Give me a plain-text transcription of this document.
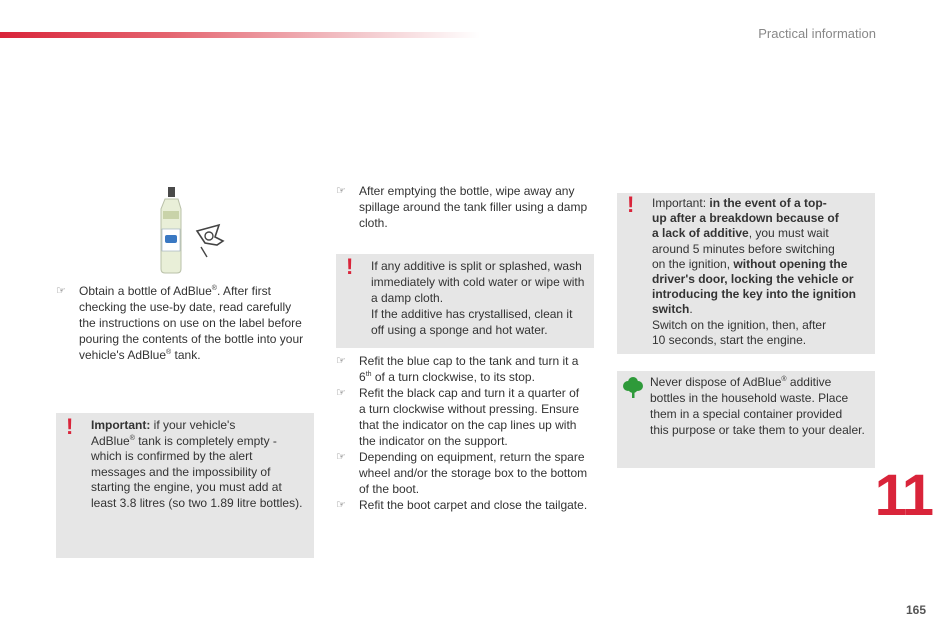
Practical information
☞ Obtain a bottle of AdBlue®. After first
checking the use-by date, read carefully
the instructions on use on the label before
pouring the contents of the bottle into your
vehicle's AdBlue® tank.
! Important: if your vehicle's
AdBlue® tank is completely empty -
which is confirmed by the alert
messages and the impossibility of
starting the engine, you must add at
least 3.8 litres (so two 1.89 litre bottles).
☞ After emptying the bottle, wipe away any
spillage around the tank filler using a damp
cloth.
! If any additive is split or splashed, wash
immediately with cold water or wipe with
a damp cloth.
If the additive has crystallised, clean it
off using a sponge and hot water.
☞ Refit the blue cap to the tank and turn it a
6th of a turn clockwise, to its stop.
☞ Refit the black cap and turn it a quarter of
a turn clockwise without pressing. Ensure
that the indicator on the cap lines up with
the indicator on the support.
☞ Depending on equipment, return the spare
wheel and/or the storage box to the bottom
of the boot.
☞ Refit the boot carpet and close the tailgate.
! Important: in the event of a top-
up after a breakdown because of
a lack of additive, you must wait
around 5 minutes before switching
on the ignition, without opening the
driver's door, locking the vehicle or
introducing the key into the ignition
switch.
Switch on the ignition, then, after
10 seconds, start the engine.
Never dispose of AdBlue® additive
bottles in the household waste. Place
them in a special container provided
this purpose or take them to your dealer.
11
165
